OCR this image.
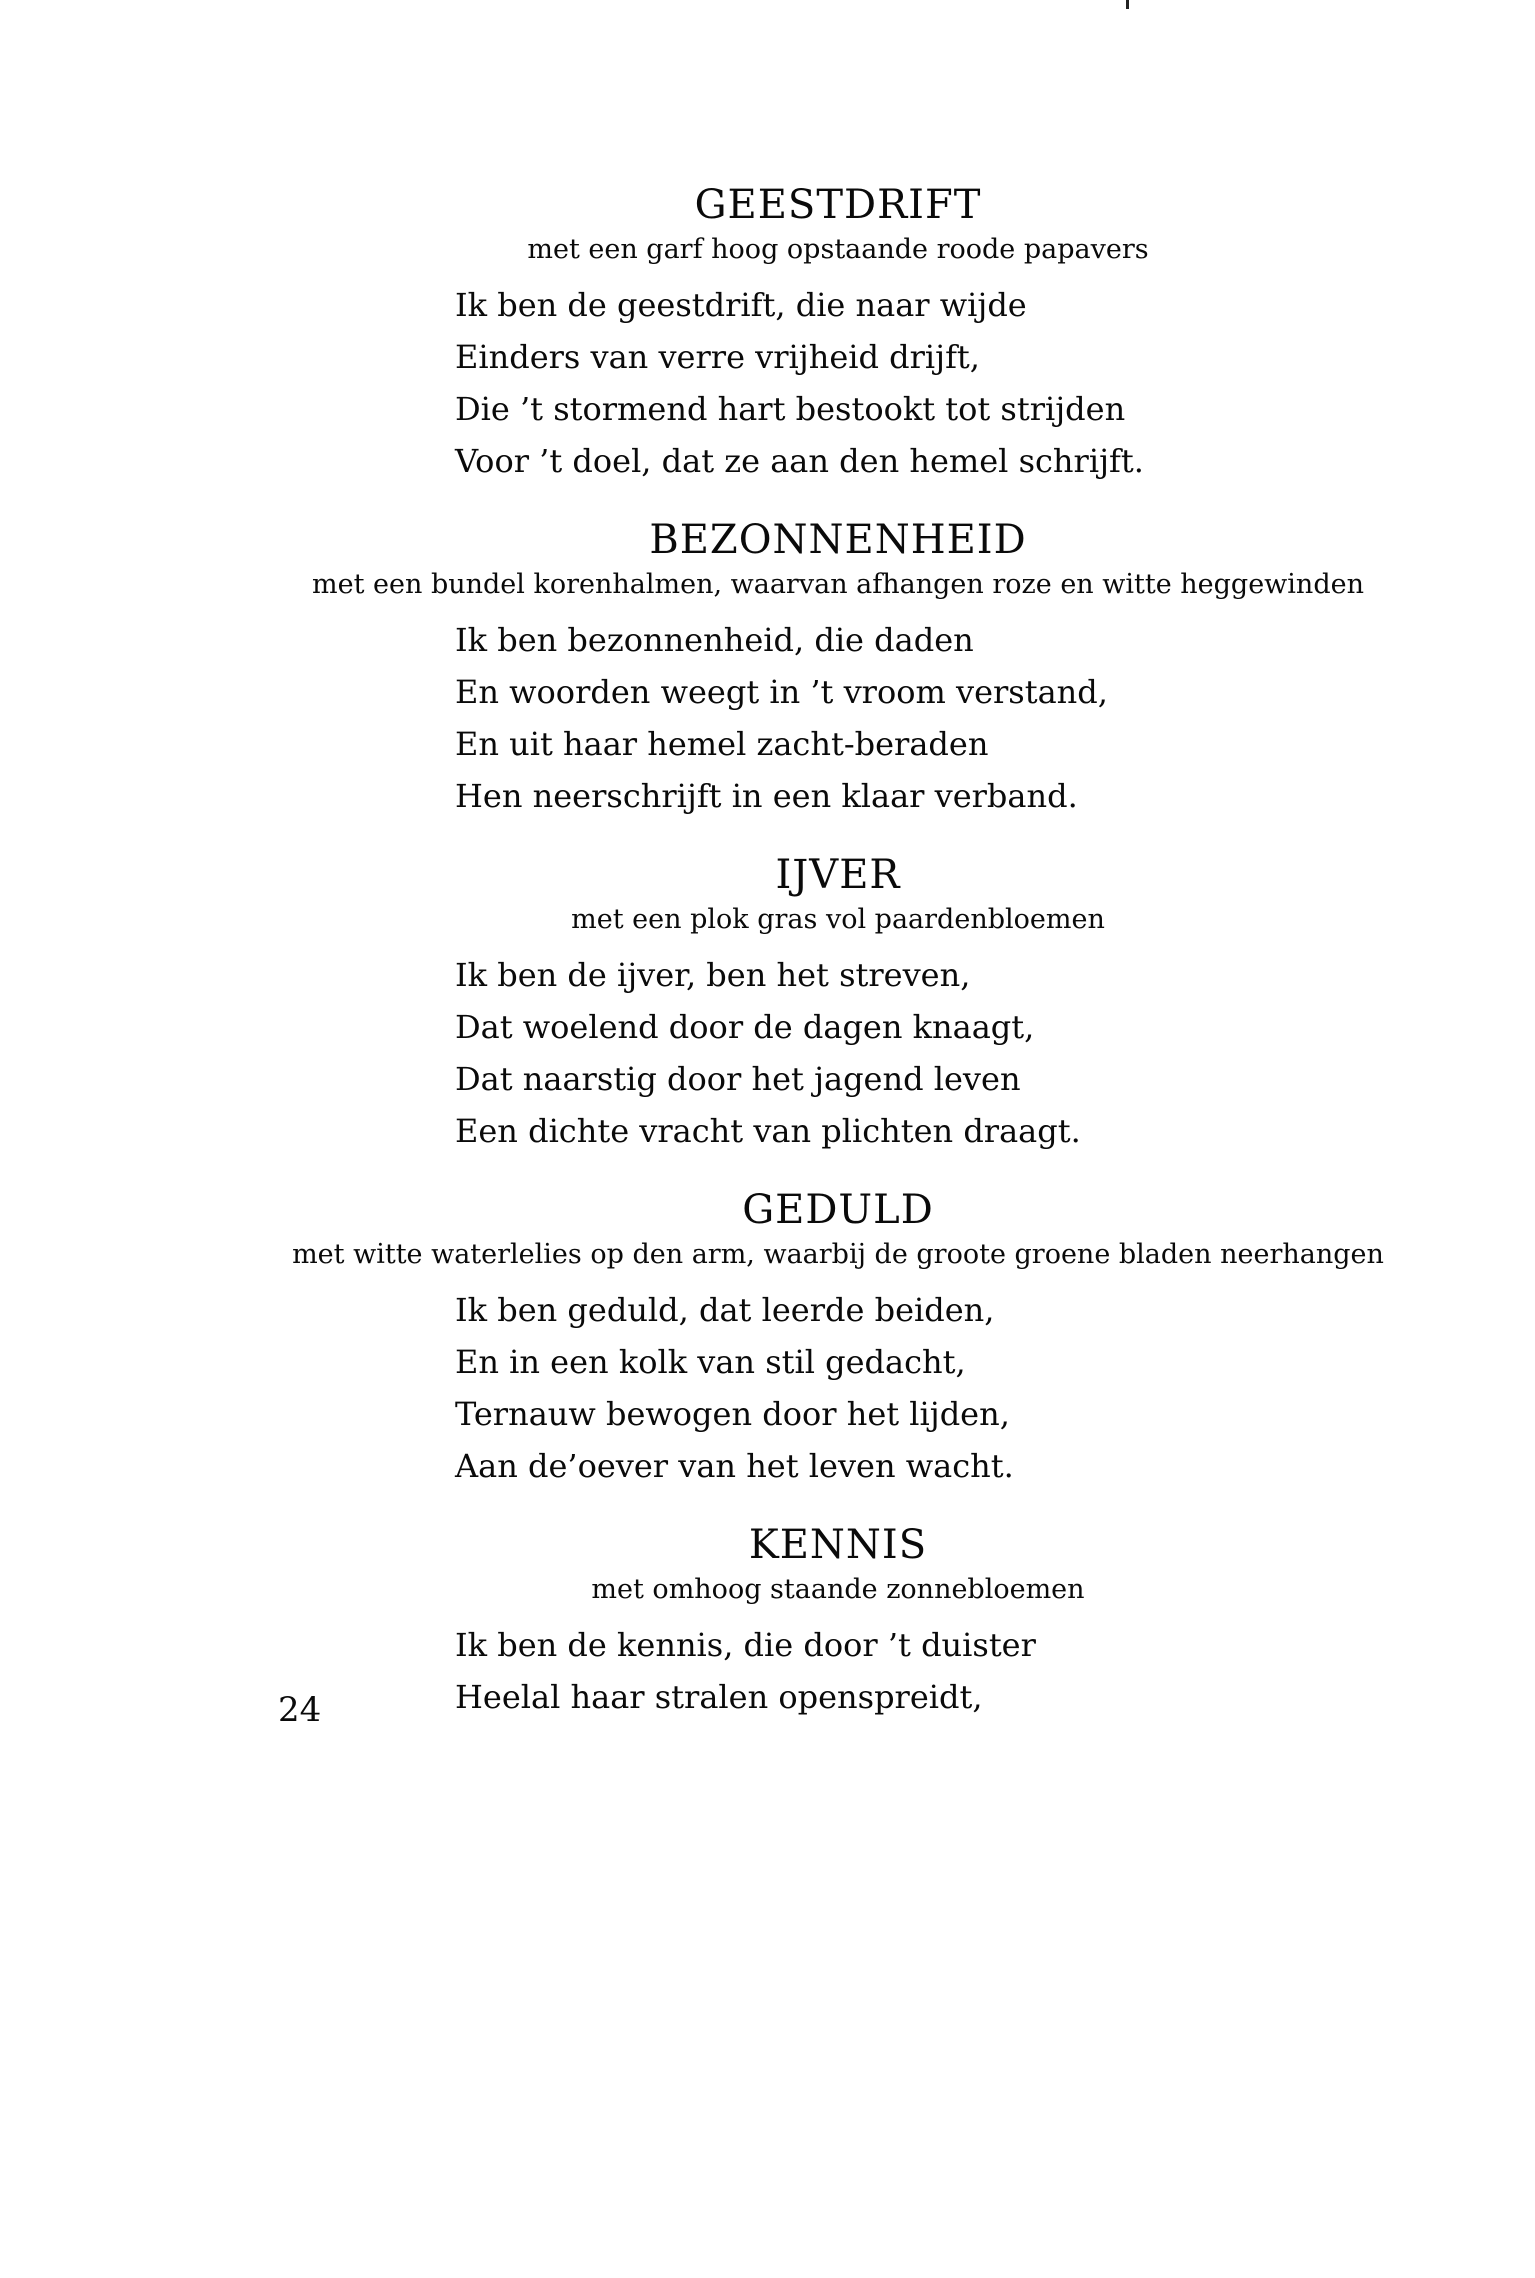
GEESTDRIFT

met een garf hoog opstaande roode papavers

Ik ben de geestdrift, die naar wijde
Einders van verre vrijheid drijft,
Die ’t stormend hart bestookt tot strijden
Voor ’t doel, dat ze aan den hemel schrijft.
BEZONNENHEID

met een bundel korenhalmen, waarvan afhangen roze en witte heggewinden

Ik ben bezonnenheid, die daden
En woorden weegt in ’t vroom verstand,
En uit haar hemel zacht-beraden
Hen neerschrijft in een klaar verband.
IJVER

met een plok gras vol paardenbloemen

Ik ben de ijver, ben het streven,
Dat woelend door de dagen knaagt,
Dat naarstig door het jagend leven
Een dichte vracht van plichten draagt.
GEDULD

met witte waterlelies op den arm, waarbij de groote groene bladen neerhangen

Ik ben geduld, dat leerde beiden,
En in een kolk van stil gedacht,
Ternauw bewogen door het lijden,
Aan de’oever van het leven wacht.
KENNIS

met omhoog staande zonnebloemen

Ik ben de kennis, die door ’t duister
Heelal haar stralen openspreidt,
24
